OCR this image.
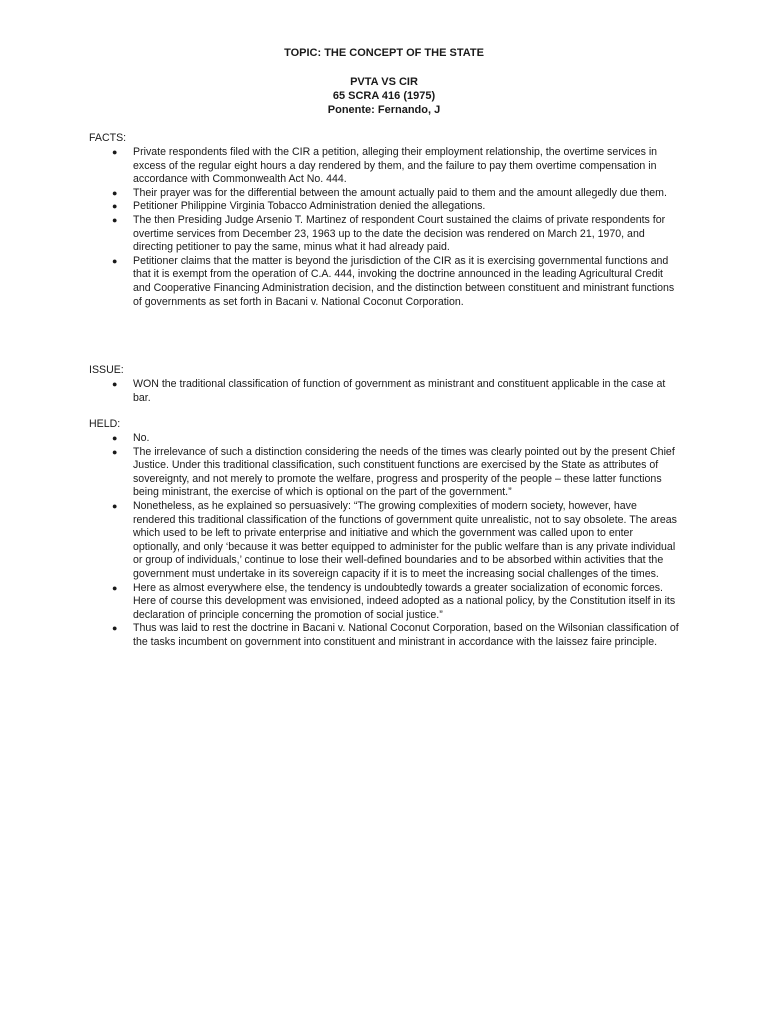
TOPIC: THE CONCEPT OF THE STATE
PVTA VS CIR
65 SCRA 416 (1975)
Ponente: Fernando, J
FACTS:
● Private respondents filed with the CIR a petition, alleging their employment relationship, the overtime services in excess of the regular eight hours a day rendered by them, and the failure to pay them overtime compensation in accordance with Commonwealth Act No. 444.
● Their prayer was for the differential between the amount actually paid to them and the amount allegedly due them.
● Petitioner Philippine Virginia Tobacco Administration denied the allegations.
● The then Presiding Judge Arsenio T. Martinez of respondent Court sustained the claims of private respondents for overtime services from December 23, 1963 up to the date the decision was rendered on March 21, 1970, and directing petitioner to pay the same, minus what it had already paid.
● Petitioner claims that the matter is beyond the jurisdiction of the CIR as it is exercising governmental functions and that it is exempt from the operation of C.A. 444, invoking the doctrine announced in the leading Agricultural Credit and Cooperative Financing Administration decision, and the distinction between constituent and ministrant functions of governments as set forth in Bacani v. National Coconut Corporation.
ISSUE:
● WON the traditional classification of function of government as ministrant and constituent applicable in the case at bar.
HELD:
● No.
● The irrelevance of such a distinction considering the needs of the times was clearly pointed out by the present Chief Justice. Under this traditional classification, such constituent functions are exercised by the State as attributes of sovereignty, and not merely to promote the welfare, progress and prosperity of the people – these latter functions being ministrant, the exercise of which is optional on the part of the government.”
● Nonetheless, as he explained so persuasively: “The growing complexities of modern society, however, have rendered this traditional classification of the functions of government quite unrealistic, not to say obsolete. The areas which used to be left to private enterprise and initiative and which the government was called upon to enter optionally, and only ‘because it was better equipped to administer for the public welfare than is any private individual or group of individuals,’ continue to lose their well-defined boundaries and to be absorbed within activities that the government must undertake in its sovereign capacity if it is to meet the increasing social challenges of the times.
● Here as almost everywhere else, the tendency is undoubtedly towards a greater socialization of economic forces. Here of course this development was envisioned, indeed adopted as a national policy, by the Constitution itself in its declaration of principle concerning the promotion of social justice.”
● Thus was laid to rest the doctrine in Bacani v. National Coconut Corporation, based on the Wilsonian classification of the tasks incumbent on government into constituent and ministrant in accordance with the laissez faire principle.
